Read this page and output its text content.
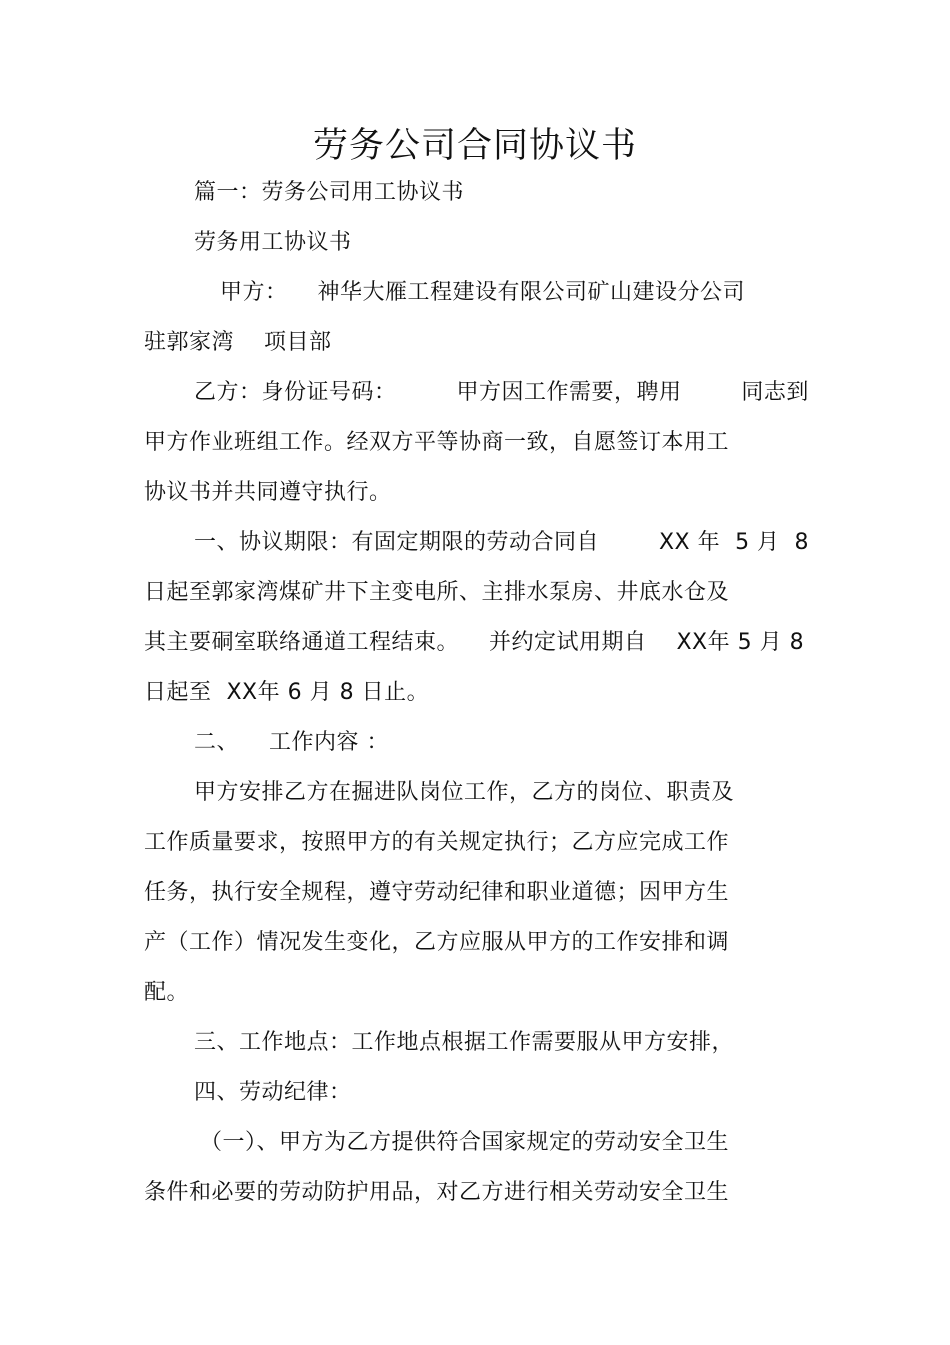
劳务公司合同协议书
篇一：劳务公司用工协议书
劳务用工协议书
甲方：    神华大雁工程建设有限公司矿山建设分公司
驻郭家湾    项目部
乙方：身份证号码：        甲方因工作需要，聘用        同志到
甲方作业班组工作。经双方平等协商一致，自愿签订本用工
协议书并共同遵守执行。
一、协议期限：有固定期限的劳动合同自        XX 年  5 月  8
日起至郭家湾煤矿井下主变电所、主排水泵房、井底水仓及
其主要硐室联络通道工程结束。    并约定试用期自    XX年 5 月 8
日起至  XX年 6 月 8 日止。
二、    工作内容 ：
甲方安排乙方在掘进队岗位工作，乙方的岗位、职责及
工作质量要求，按照甲方的有关规定执行；乙方应完成工作
任务，执行安全规程，遵守劳动纪律和职业道德；因甲方生
产（工作）情况发生变化，乙方应服从甲方的工作安排和调
配。
三、工作地点：工作地点根据工作需要服从甲方安排，
四、劳动纪律：
（一）、甲方为乙方提供符合国家规定的劳动安全卫生
条件和必要的劳动防护用品，对乙方进行相关劳动安全卫生
